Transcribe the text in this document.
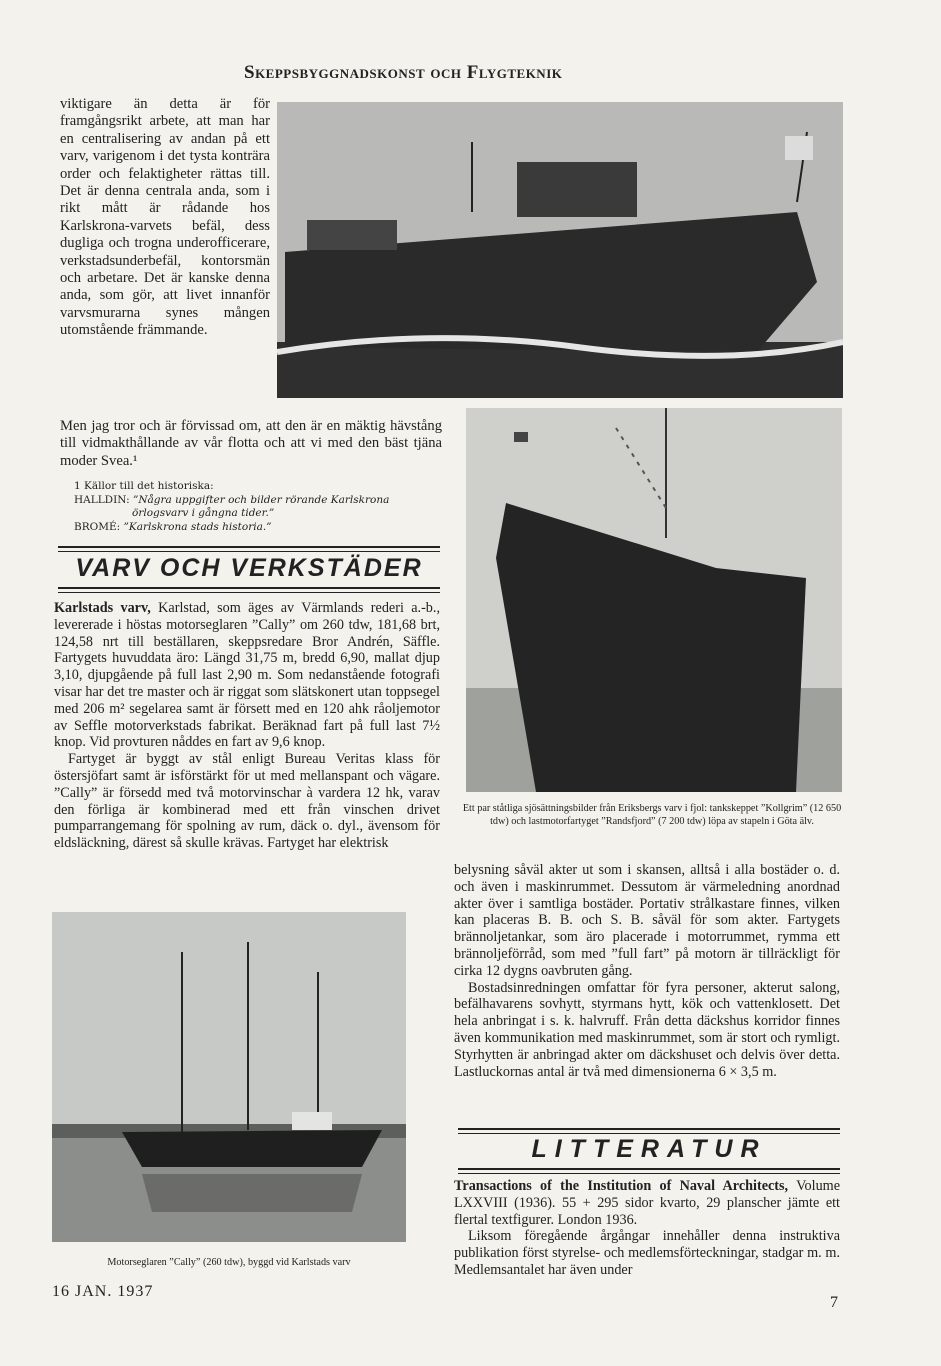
Skeppsbyggnadskonst och Flygteknik
viktigare än detta är för framgångsrikt arbete, att man har en centralisering av andan på ett varv, varigenom i det tysta konträra order och felaktigheter rättas till. Det är denna centrala anda, som i rikt mått är rådande hos Karlskrona-varvets befäl, dess dugliga och trogna underofficerare, verkstadsunderbefäl, kontorsmän och arbetare. Det är kanske denna anda, som gör, att livet innanför varvsmurarna synes mången utomstående främmande.
Men jag tror och är förvissad om, att den är en mäktig hävstång till vidmakthållande av vår flotta och att vi med den bäst tjäna moder Svea.¹
1 Källor till det historiska:
HALLDIN: ”Några uppgifter och bilder rörande Karlskrona
örlogsvarv i gångna tider.”
BROMÉ: ”Karlskrona stads historia.”
VARV OCH VERKSTÄDER

Karlstads varv, Karlstad, som äges av Värmlands rederi a.-b., levererade i höstas motorseglaren ”Cally” om 260 tdw, 181,68 brt, 124,58 nrt till beställaren, skeppsredare Bror Andrén, Säffle. Fartygets huvuddata äro: Längd 31,75 m, bredd 6,90, mallat djup 3,10, djupgående på full last 2,90 m. Som nedanstående fotografi visar har det tre master och är riggat som slätskonert utan toppsegel med 206 m² segelarea samt är försett med en 120 ahk råoljemotor av Seffle motorverkstads fabrikat. Beräknad fart på full last 7½ knop. Vid provturen nåddes en fart av 9,6 knop.

Fartyget är byggt av stål enligt Bureau Veritas klass för östersjöfart samt är isförstärkt för ut med mellanspant och vägare. ”Cally” är försedd med två motorvinschar à vardera 12 hk, varav den förliga är kombinerad med ett från vinschen drivet pumparrangemang för spolning av rum, däck o. dyl., ävensom för eldsläckning, därest så skulle krävas. Fartyget har elektrisk

Ett par ståtliga sjösättningsbilder från Eriksbergs varv i fjol: tankskeppet ”Kollgrim” (12 650 tdw) och lastmotorfartyget ”Randsfjord” (7 200 tdw) löpa av stapeln i Göta älv.

belysning såväl akter ut som i skansen, alltså i alla bostäder o. d. och även i maskinrummet. Dessutom är värmeledning anordnad akter över i samtliga bostäder. Portativ strålkastare finnes, vilken kan placeras B. B. och S. B. såväl för som akter. Fartygets brännoljetankar, som äro placerade i motorrummet, rymma ett brännoljeförråd, som med ”full fart” på motorn är tillräckligt för cirka 12 dygns oavbruten gång.

Bostadsinredningen omfattar för fyra personer, akterut salong, befälhavarens sovhytt, styrmans hytt, kök och vattenklosett. Det hela anbringat i s. k. halvruff. Från detta däckshus korridor finnes även kommunikation med maskinrummet, som är stort och rymligt. Styrhytten är anbringad akter om däckshuset och delvis över detta. Lastluckornas antal är två med dimensionerna 6 × 3,5 m.

Motorseglaren ”Cally” (260 tdw), byggd vid Karlstads varv
LITTERATUR

Transactions of the Institution of Naval Architects, Volume LXXVIII (1936). 55 + 295 sidor kvarto, 29 planscher jämte ett flertal textfigurer. London 1936.

Liksom föregående årgångar innehåller denna instruktiva publikation först styrelse- och medlemsförteckningar, stadgar m. m. Medlemsantalet har även under

16 JAN. 1937
7
